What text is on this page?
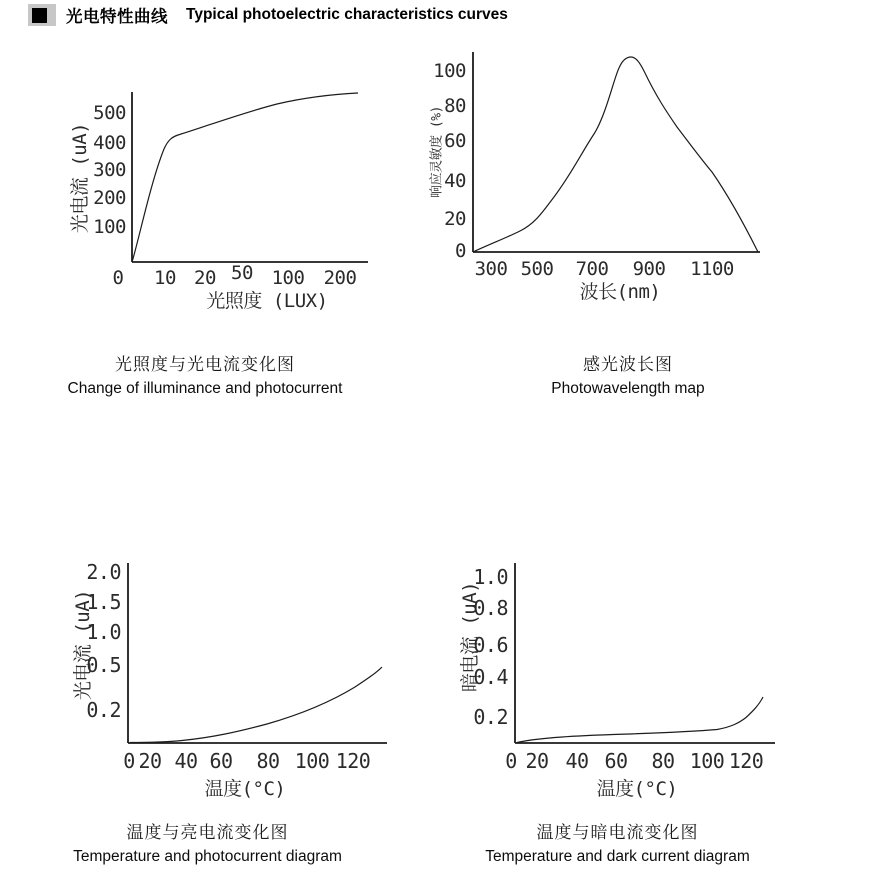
光电特性曲线 Typical photoelectric characteristics curves
500
400
300
200
100
0 10 20 50 100 200
光照度 (LUX)
光电流 (uA)
100
80
60
40
20
0
300 500 700 900 1100
波长(nm)
响应灵敏度 (%)
光照度与光电流变化图
Change of illuminance and photocurrent
感光波长图
Photowavelength map
2.0
1.5
1.0
0.5
0.2
0 20 40 60 80 100 120
温度(°C)
光电流 (uA)
1.0
0.8
0.6
0.4
0.2
0 20 40 60 80 100 120
温度(°C)
暗电流 (uA)
温度与亮电流变化图
Temperature and photocurrent diagram
温度与暗电流变化图
Temperature and dark current diagram
